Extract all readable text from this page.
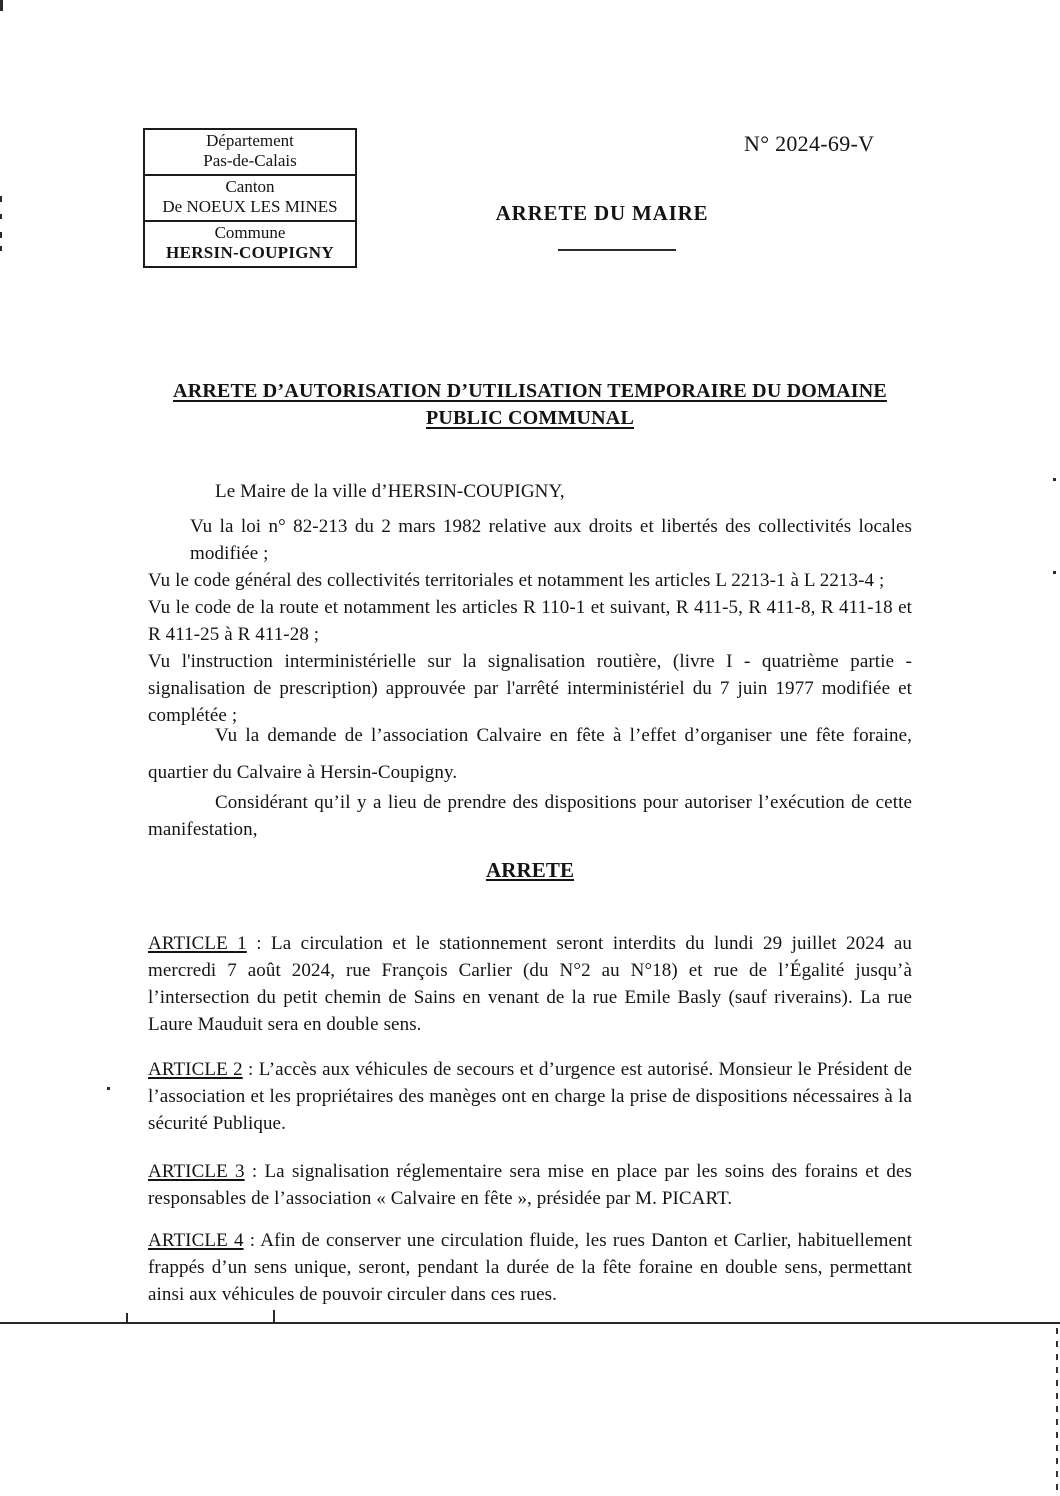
Département
Pas-de-Calais
Canton
De NOEUX LES MINES
Commune
HERSIN-COUPIGNY
N° 2024-69-V
ARRETE DU MAIRE
ARRETE D’AUTORISATION D’UTILISATION TEMPORAIRE DU DOMAINE
PUBLIC COMMUNAL

Le Maire de la ville d’HERSIN-COUPIGNY,

Vu la loi n° 82-213 du 2 mars 1982 relative aux droits et libertés des collectivités locales modifiée ;

Vu le code général des collectivités territoriales et notamment les articles L 2213-1 à L 2213-4 ;

Vu le code de la route et notamment les articles R 110-1 et suivant, R 411-5, R 411-8, R 411-18 et R 411-25 à R 411-28 ;

Vu l'instruction interministérielle sur la signalisation routière, (livre I - quatrième partie - signalisation de prescription) approuvée par l'arrêté interministériel du 7 juin 1977 modifiée et complétée ;

Vu la demande de l’association Calvaire en fête à l’effet d’organiser une fête foraine, quartier du Calvaire à Hersin-Coupigny.

Considérant qu’il y a lieu de prendre des dispositions pour autoriser l’exécution de cette manifestation,

ARRETE

ARTICLE 1 : La circulation et le stationnement seront interdits du lundi 29 juillet 2024 au mercredi 7 août 2024, rue François Carlier (du N°2 au N°18) et rue de l’Égalité jusqu’à l’intersection du petit chemin de Sains en venant de la rue Emile Basly (sauf riverains). La rue Laure Mauduit sera en double sens.

ARTICLE 2 : L’accès aux véhicules de secours et d’urgence est autorisé. Monsieur le Président de l’association et les propriétaires des manèges ont en charge la prise de dispositions nécessaires à la sécurité Publique.

ARTICLE 3 : La signalisation réglementaire sera mise en place par les soins des forains et des responsables de l’association « Calvaire en fête », présidée par M. PICART.

ARTICLE 4 : Afin de conserver une circulation fluide, les rues Danton et Carlier, habituellement frappés d’un sens unique, seront, pendant la durée de la fête foraine en double sens, permettant ainsi aux véhicules de pouvoir circuler dans ces rues.
